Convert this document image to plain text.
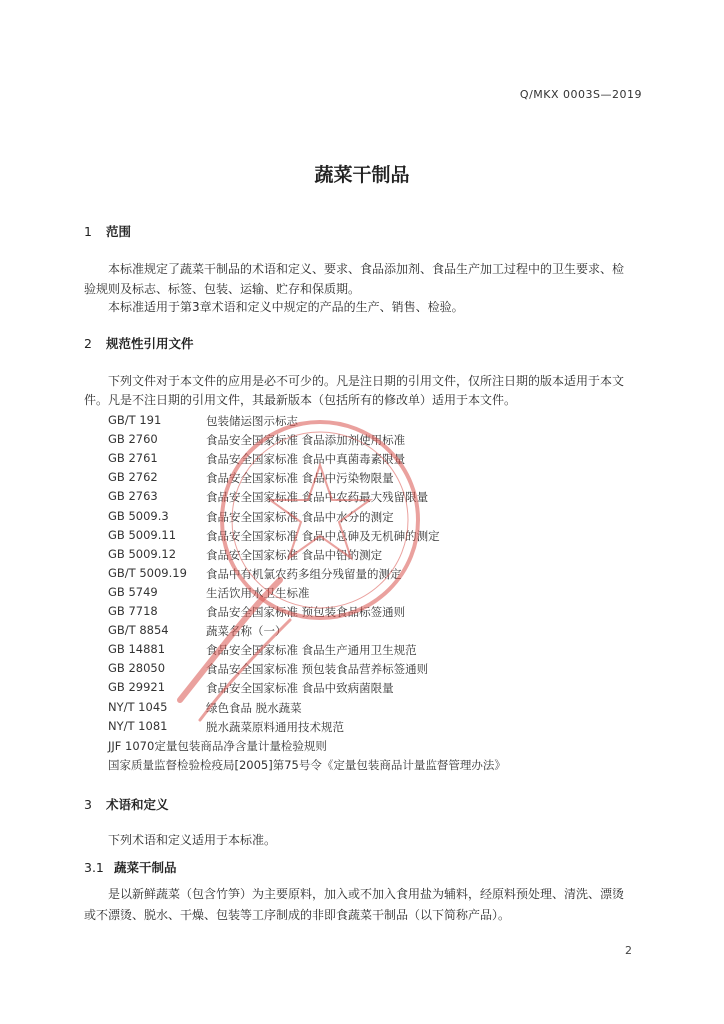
Q/MKX 0003S—2019
蔬菜干制品
1 范围
本标准规定了蔬菜干制品的术语和定义、要求、食品添加剂、食品生产加工过程中的卫生要求、检
验规则及标志、标签、包装、运输、贮存和保质期。
本标准适用于第3章术语和定义中规定的产品的生产、销售、检验。
2 规范性引用文件
下列文件对于本文件的应用是必不可少的。凡是注日期的引用文件，仅所注日期的版本适用于本文
件。凡是不注日期的引用文件，其最新版本（包括所有的修改单）适用于本文件。
GB/T 191	包装储运图示标志
GB 2760	食品安全国家标准 食品添加剂使用标准
GB 2761	食品安全国家标准 食品中真菌毒素限量
GB 2762	食品安全国家标准 食品中污染物限量
GB 2763	食品安全国家标准 食品中农药最大残留限量
GB 5009.3	食品安全国家标准 食品中水分的测定
GB 5009.11	食品安全国家标准 食品中总砷及无机砷的测定
GB 5009.12	食品安全国家标准 食品中铅的测定
GB/T 5009.19 食品中有机氯农药多组分残留量的测定
GB 5749	生活饮用水卫生标准
GB 7718	食品安全国家标准 预包装食品标签通则
GB/T 8854	蔬菜名称（一）
GB 14881	食品安全国家标准 食品生产通用卫生规范
GB 28050	食品安全国家标准 预包装食品营养标签通则
GB 29921	食品安全国家标准 食品中致病菌限量
NY/T 1045	绿色食品 脱水蔬菜
NY/T 1081	脱水蔬菜原料通用技术规范
JJF 1070定量包装商品净含量计量检验规则
国家质量监督检验检疫局[2005]第75号令《定量包装商品计量监督管理办法》
3 术语和定义
下列术语和定义适用于本标准。
3.1 蔬菜干制品
是以新鲜蔬菜（包含竹笋）为主要原料，加入或不加入食用盐为辅料，经原料预处理、清洗、漂烫
或不漂烫、脱水、干燥、包装等工序制成的非即食蔬菜干制品（以下简称产品）。
2
